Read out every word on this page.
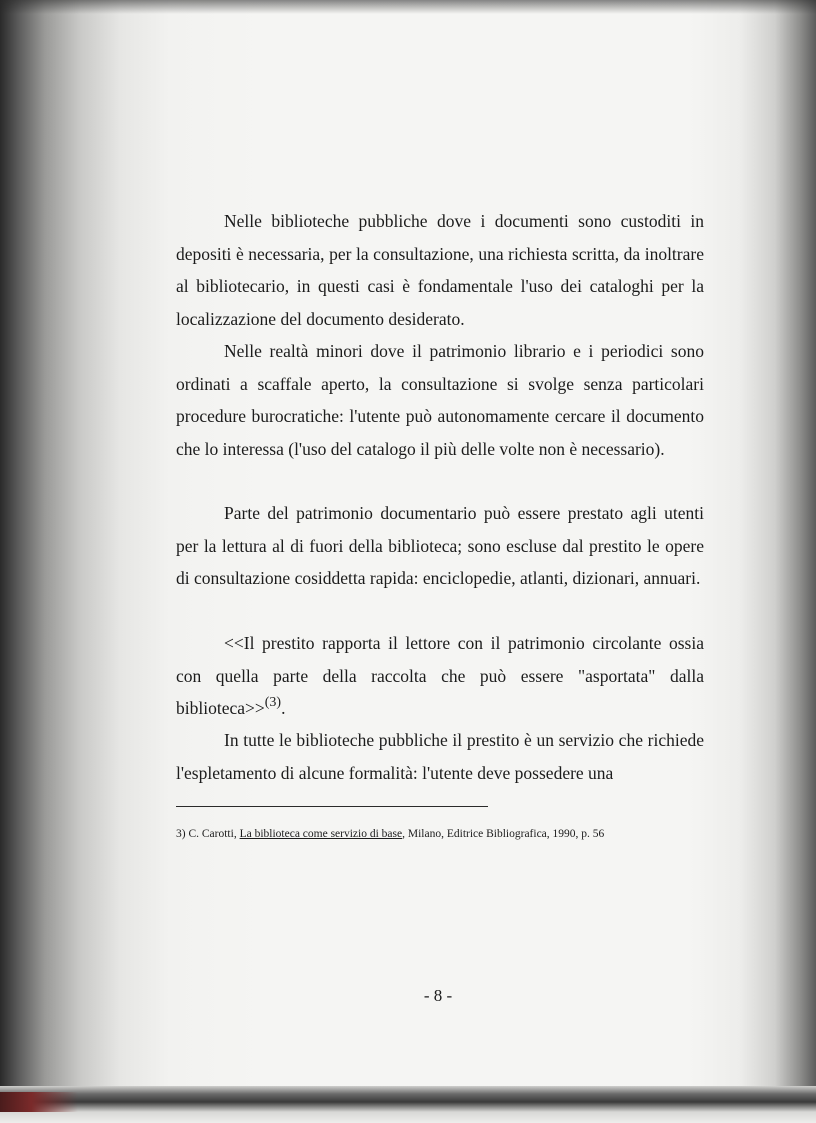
Nelle biblioteche pubbliche dove i documenti sono custoditi in depositi è necessaria, per la consultazione, una richiesta scritta, da inoltrare al bibliotecario, in questi casi è fondamentale l'uso dei cataloghi per la localizzazione del documento desiderato.

Nelle realtà minori dove il patrimonio librario e i periodici sono ordinati a scaffale aperto, la consultazione si svolge senza particolari procedure burocratiche: l'utente può autonomamente cercare il documento che lo interessa (l'uso del catalogo il più delle volte non è necessario).

Parte del patrimonio documentario può essere prestato agli utenti per la lettura al di fuori della biblioteca; sono escluse dal prestito le opere di consultazione cosiddetta rapida: enciclopedie, atlanti, dizionari, annuari.

<<Il prestito rapporta il lettore con il patrimonio circolante ossia con quella parte della raccolta che può essere "asportata" dalla biblioteca>>$^{(3)}$.

In tutte le biblioteche pubbliche il prestito è un servizio che richiede l'espletamento di alcune formalità: l'utente deve possedere una

3) C. Carotti, La biblioteca come servizio di base, Milano, Editrice Bibliografica, 1990, p. 56

- 8 -
